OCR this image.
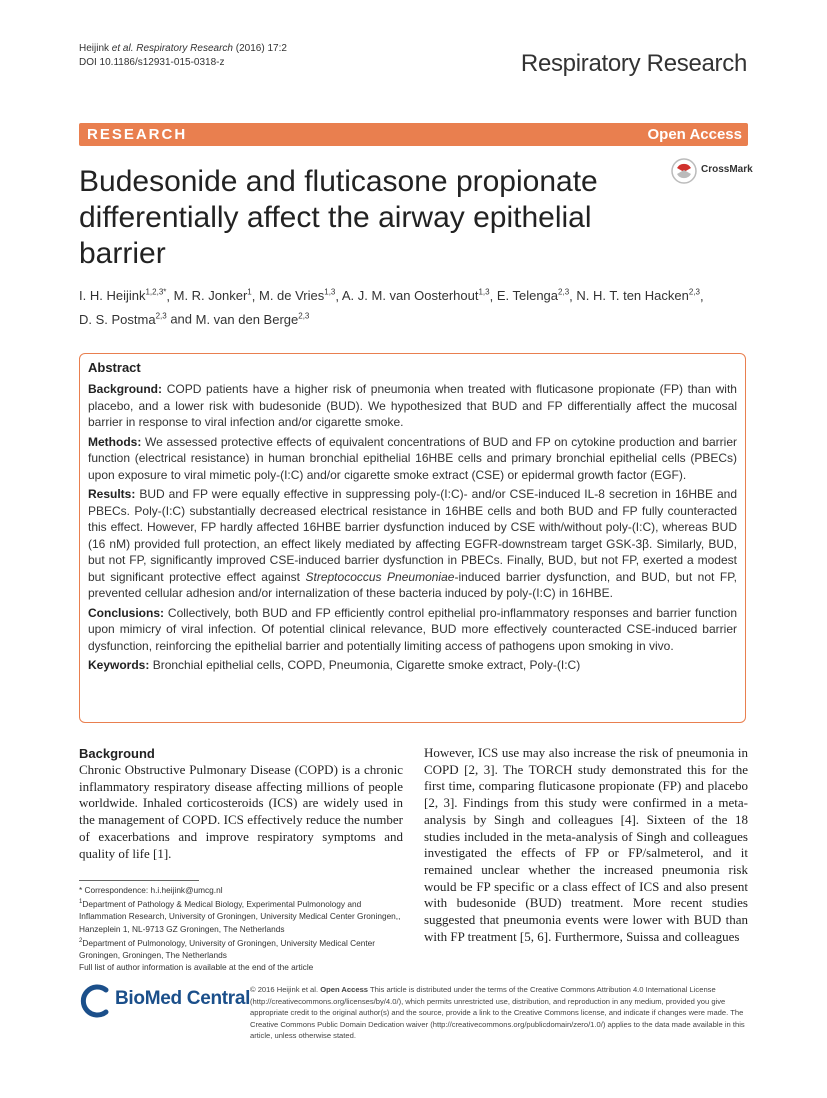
Heijink et al. Respiratory Research (2016) 17:2
DOI 10.1186/s12931-015-0318-z	Respiratory Research
RESEARCH	Open Access
CrossMark
Budesonide and fluticasone propionate differentially affect the airway epithelial barrier
I. H. Heijink$^{1,2,3*}$, M. R. Jonker$^1$, M. de Vries$^{1,3}$, A. J. M. van Oosterhout$^{1,3}$, E. Telenga$^{2,3}$, N. H. T. ten Hacken$^{2,3}$,
D. S. Postma$^{2,3}$ and M. van den Berge$^{2,3}$
Abstract

Background: COPD patients have a higher risk of pneumonia when treated with fluticasone propionate (FP) than with placebo, and a lower risk with budesonide (BUD). We hypothesized that BUD and FP differentially affect the mucosal barrier in response to viral infection and/or cigarette smoke.

Methods: We assessed protective effects of equivalent concentrations of BUD and FP on cytokine production and barrier function (electrical resistance) in human bronchial epithelial 16HBE cells and primary bronchial epithelial cells (PBECs) upon exposure to viral mimetic poly-(I:C) and/or cigarette smoke extract (CSE) or epidermal growth factor (EGF).

Results: BUD and FP were equally effective in suppressing poly-(I:C)- and/or CSE-induced IL-8 secretion in 16HBE and PBECs. Poly-(I:C) substantially decreased electrical resistance in 16HBE cells and both BUD and FP fully counteracted this effect. However, FP hardly affected 16HBE barrier dysfunction induced by CSE with/without poly-(I:C), whereas BUD (16 nM) provided full protection, an effect likely mediated by affecting EGFR-downstream target GSK-3β. Similarly, BUD, but not FP, significantly improved CSE-induced barrier dysfunction in PBECs. Finally, BUD, but not FP, exerted a modest but significant protective effect against Streptococcus Pneumoniae-induced barrier dysfunction, and BUD, but not FP, prevented cellular adhesion and/or internalization of these bacteria induced by poly-(I:C) in 16HBE.

Conclusions: Collectively, both BUD and FP efficiently control epithelial pro-inflammatory responses and barrier function upon mimicry of viral infection. Of potential clinical relevance, BUD more effectively counteracted CSE-induced barrier dysfunction, reinforcing the epithelial barrier and potentially limiting access of pathogens upon smoking in vivo.

Keywords: Bronchial epithelial cells, COPD, Pneumonia, Cigarette smoke extract, Poly-(I:C)

Background

Chronic Obstructive Pulmonary Disease (COPD) is a chronic inflammatory respiratory disease affecting millions of people worldwide. Inhaled corticosteroids (ICS) are widely used in the management of COPD. ICS effectively reduce the number of exacerbations and improve respiratory symptoms and quality of life [1].

However, ICS use may also increase the risk of pneumonia in COPD [2, 3]. The TORCH study demonstrated this for the first time, comparing fluticasone propionate (FP) and placebo [2, 3]. Findings from this study were confirmed in a meta-analysis by Singh and colleagues [4]. Sixteen of the 18 studies included in the meta-analysis of Singh and colleagues investigated the effects of FP or FP/salmeterol, and it remained unclear whether the increased pneumonia risk would be FP specific or a class effect of ICS and also present with budesonide (BUD) treatment. More recent studies suggested that pneumonia events were lower with BUD than with FP treatment [5, 6]. Furthermore, Suissa and colleagues

* Correspondence: h.i.heijink@umcg.nl
$^1$Department of Pathology & Medical Biology, Experimental Pulmonology and Inflammation Research, University of Groningen, University Medical Center Groningen,, Hanzeplein 1, NL-9713 GZ Groningen, The Netherlands
$^2$Department of Pulmonology, University of Groningen, University Medical Center Groningen, Groningen, The Netherlands
Full list of author information is available at the end of the article
BioMed Central © 2016 Heijink et al. Open Access This article is distributed under the terms of the Creative Commons Attribution 4.0 International License (http://creativecommons.org/licenses/by/4.0/), which permits unrestricted use, distribution, and reproduction in any medium, provided you give appropriate credit to the original author(s) and the source, provide a link to the Creative Commons license, and indicate if changes were made. The Creative Commons Public Domain Dedication waiver (http://creativecommons.org/publicdomain/zero/1.0/) applies to the data made available in this article, unless otherwise stated.
